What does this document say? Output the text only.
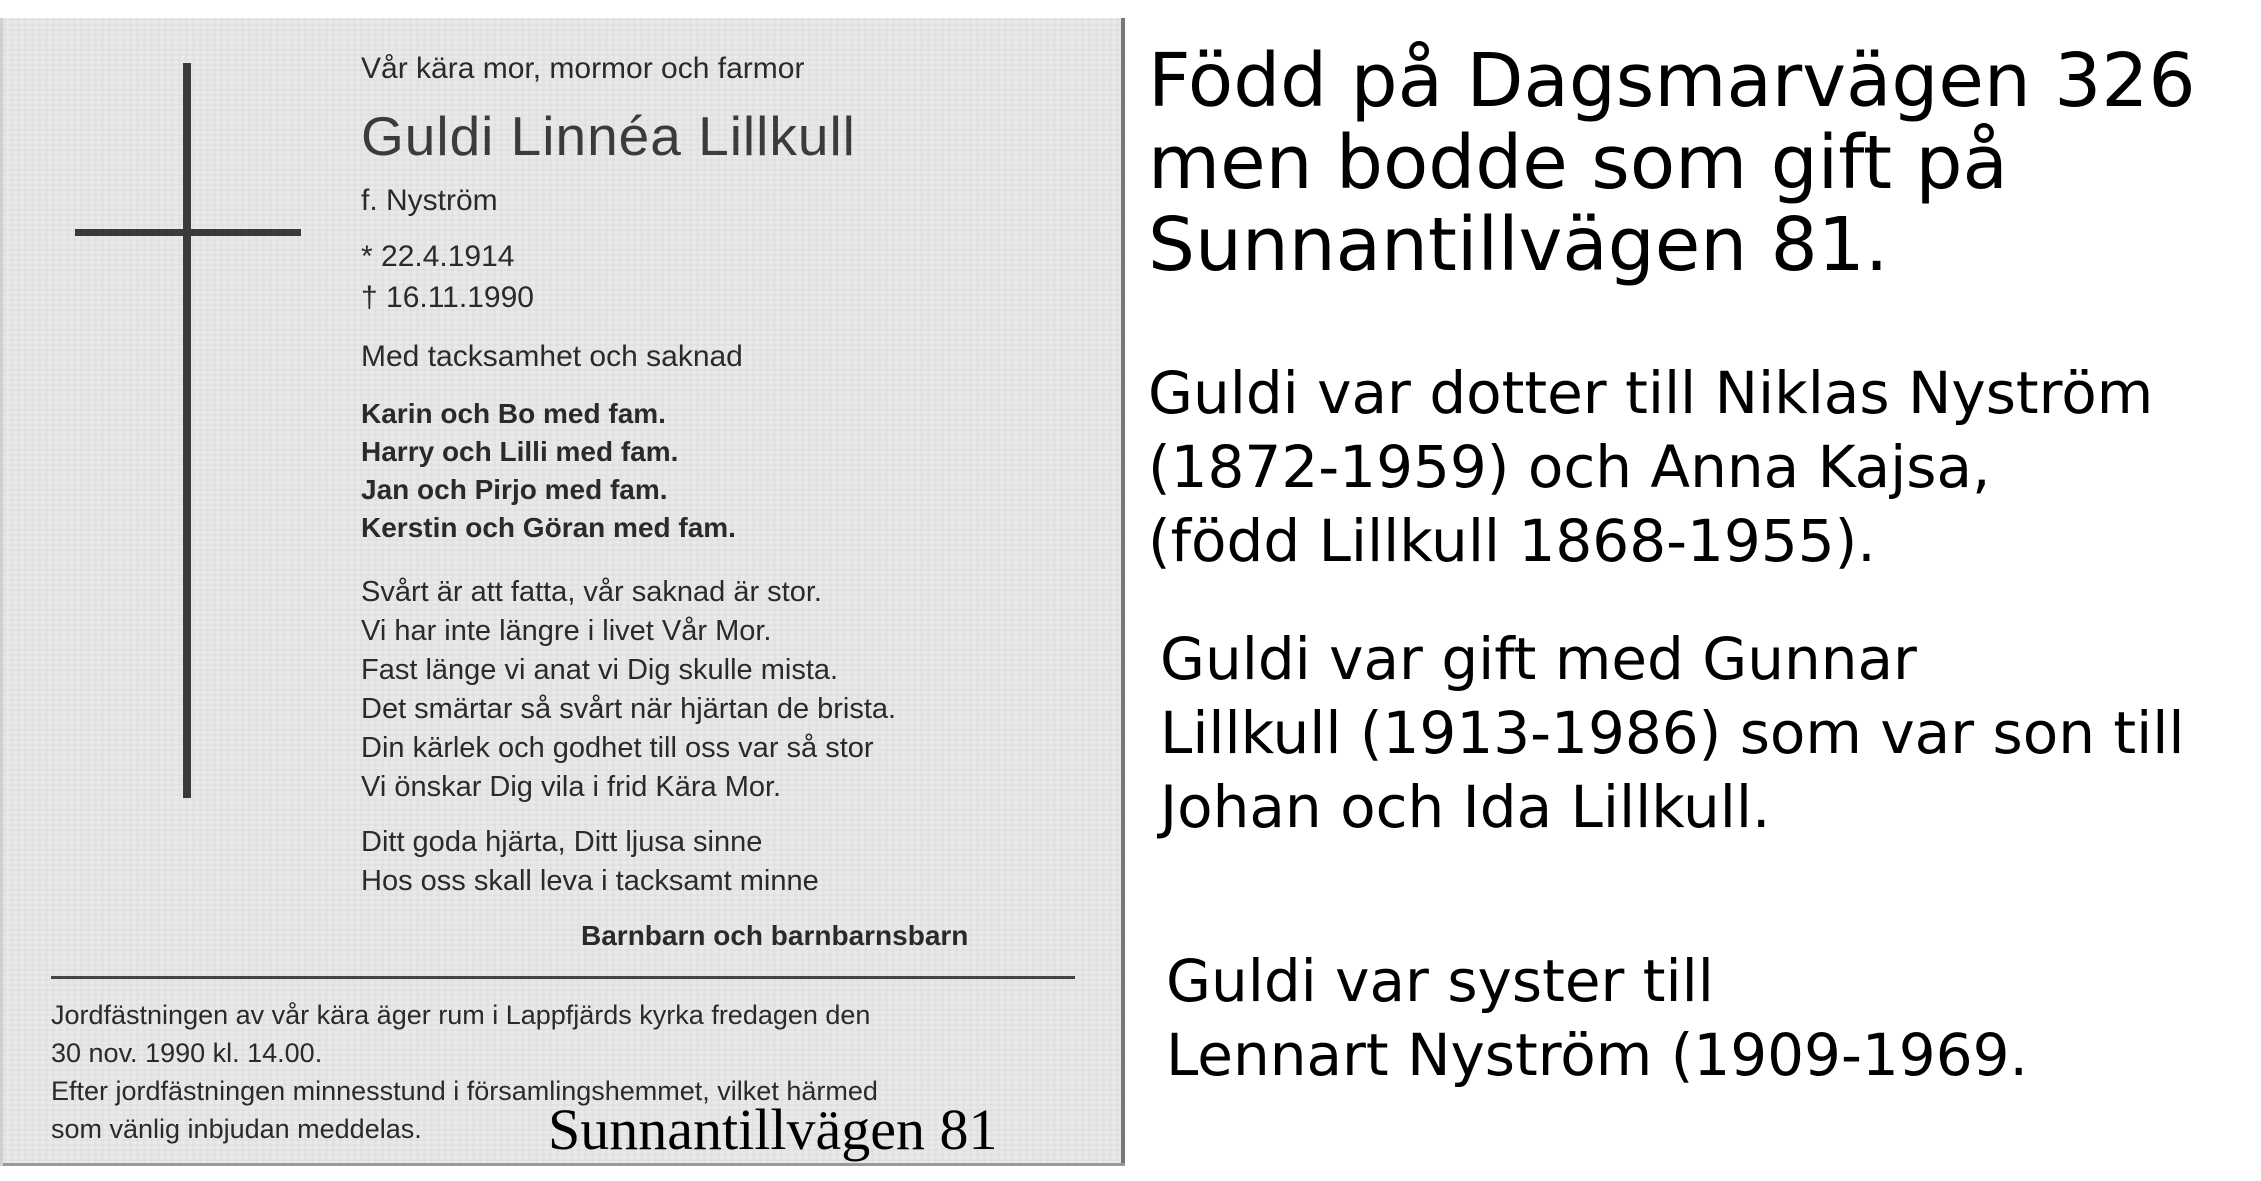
Vår kära mor, mormor och farmor
Guldi Linnéa Lillkull
f. Nyström
* 22.4.1914
† 16.11.1990
Med tacksamhet och saknad
Karin och Bo med fam.
Harry och Lilli med fam.
Jan och Pirjo med fam.
Kerstin och Göran med fam.
Svårt är att fatta, vår saknad är stor.
Vi har inte längre i livet Vår Mor.
Fast länge vi anat vi Dig skulle mista.
Det smärtar så svårt när hjärtan de brista.
Din kärlek och godhet till oss var så stor
Vi önskar Dig vila i frid Kära Mor.
Ditt goda hjärta, Ditt ljusa sinne
Hos oss skall leva i tacksamt minne
Barnbarn och barnbarnsbarn
Jordfästningen av vår kära äger rum i Lappfjärds kyrka fredagen den
30 nov. 1990 kl. 14.00.
Efter jordfästningen minnesstund i församlingshemmet, vilket härmed
som vänlig inbjudan meddelas.	Sunnantillvägen 81
Född på Dagsmarvägen 326
men bodde som gift på
Sunnantillvägen 81.
Guldi var dotter till Niklas Nyström
(1872-1959) och Anna Kajsa,
(född Lillkull 1868-1955).
Guldi var gift med Gunnar
Lillkull (1913-1986) som var son till
Johan och Ida Lillkull.
Guldi var syster till
Lennart Nyström (1909-1969.
